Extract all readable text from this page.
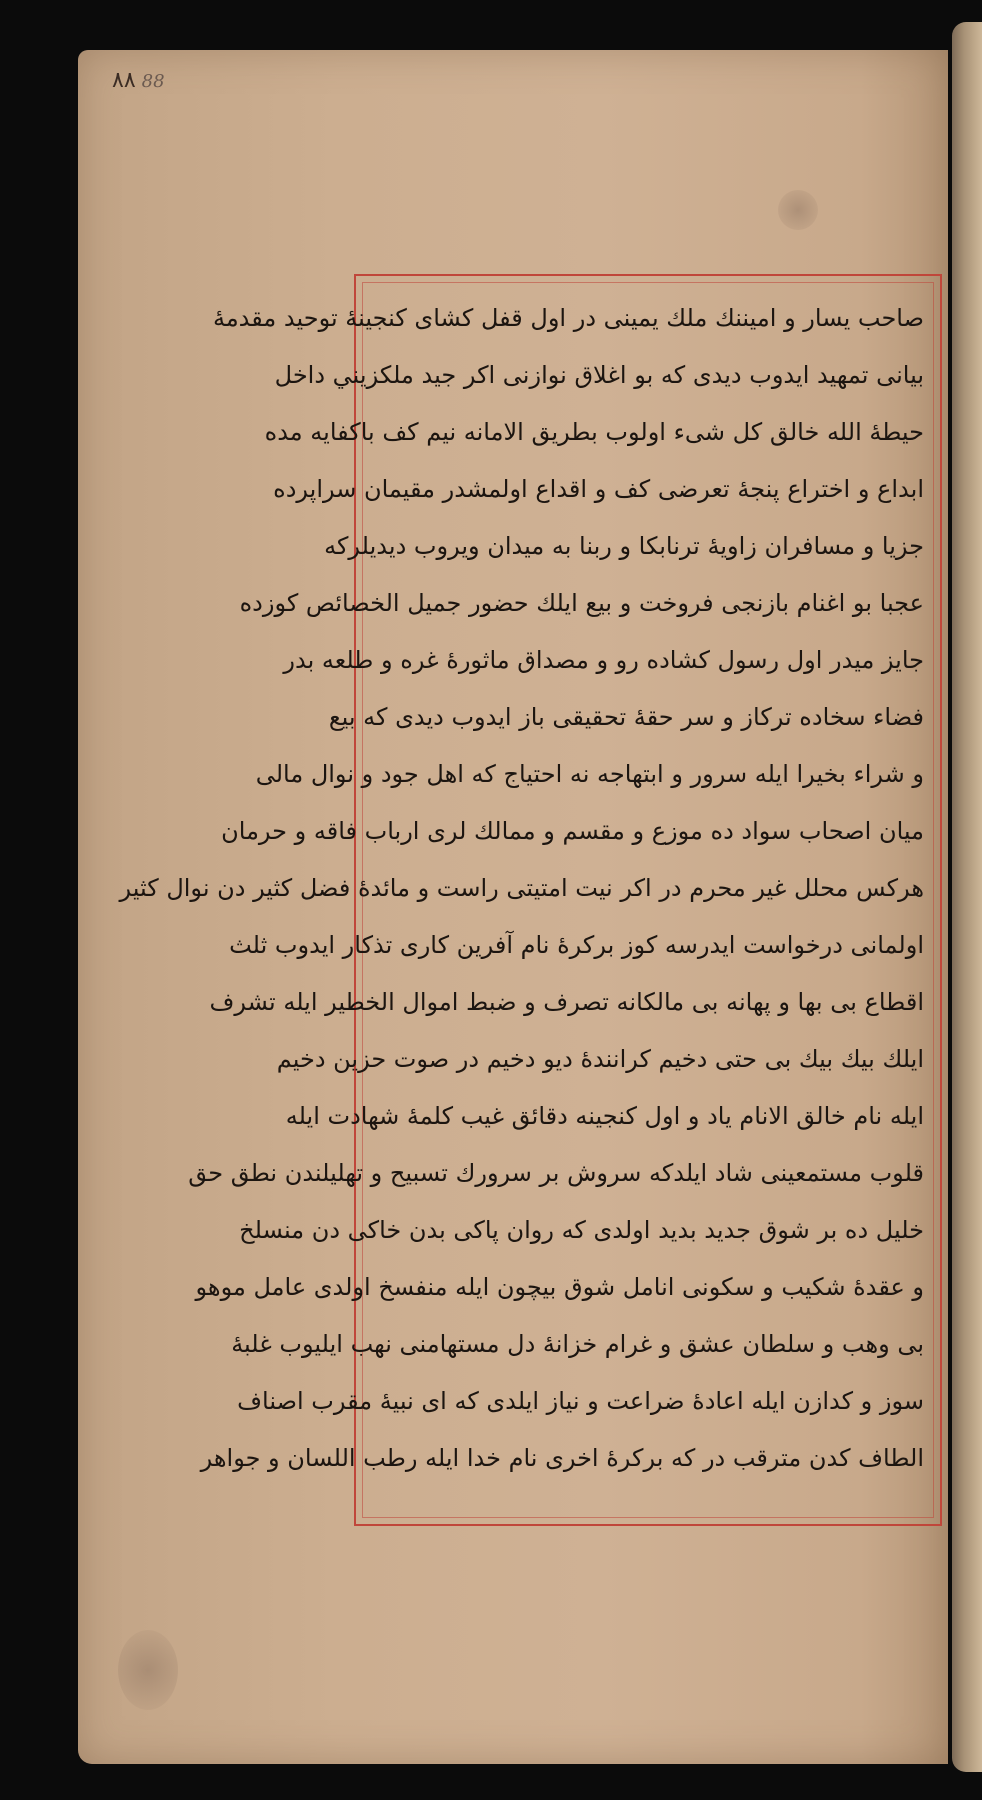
٨٨ 88
صاحب یسار و امیننك ملك یمینی در اول قفل کشای کنجینهٔ توحید مقدمهٔ
بیانی تمهید ایدوب دیدی که بو اغلاق نوازنی اکر جید ملکزیني داخل
حیطهٔ الله خالق کل شیء اولوب بطریق الامانه نیم کف باکفایه مده
ابداع و اختراع پنجهٔ تعرضی کف و اقداع اولمشدر مقیمان سراپرده
جزیا و مسافران زاویهٔ ترنابکا و ربنا به میدان ویروب دیدیلرکه
عجبا بو اغنام بازنجی فروخت و بیع ایلك حضور جمیل الخصائص کوزده
جایز میدر اول رسول کشاده رو و مصداق ماثورهٔ غره و طلعه بدر
فضاء سخاده ترکاز و سر حقهٔ تحقیقی باز ایدوب دیدی که بیع
و شراء بخیرا ایله سرور و ابتهاجه نه احتیاج که اهل جود و نوال مالی
میان اصحاب سواد ده موزع و مقسم و ممالك لری ارباب فاقه و حرمان
هرکس محلل غیر محرم در اکر نیت امتیتی راست و مائدهٔ فضل کثیر دن نوال کثیر
اولمانی درخواست ایدرسه کوز برکرهٔ نام آفرین کاری تذکار ایدوب ثلث
اقطاع بی بها و پهانه بی مالکانه تصرف و ضبط اموال الخطیر ایله تشرف
ایلك بیك بیك بی حتی دخیم کرانندهٔ دیو دخیم در صوت حزین دخیم
ایله نام خالق الانام یاد و اول کنجینه دقائق غیب کلمهٔ شهادت ایله
قلوب مستمعینی شاد ایلدکه سروش بر سرورك تسبیح و تهلیلندن نطق حق
خلیل ده بر شوق جدید بدید اولدی که روان پاکی بدن خاکی دن منسلخ
و عقدهٔ شکیب و سکونی انامل شوق بیچون ایله منفسخ اولدی عامل موهو
بی وهب و سلطان عشق و غرام خزانهٔ دل مستهامنی نهب ایلیوب غلبهٔ
سوز و کدازن ایله اعادهٔ ضراعت و نیاز ایلدی که ای نبیهٔ مقرب اصناف
الطاف کدن مترقب در که برکرهٔ اخری نام خدا ایله رطب اللسان و جواهر
